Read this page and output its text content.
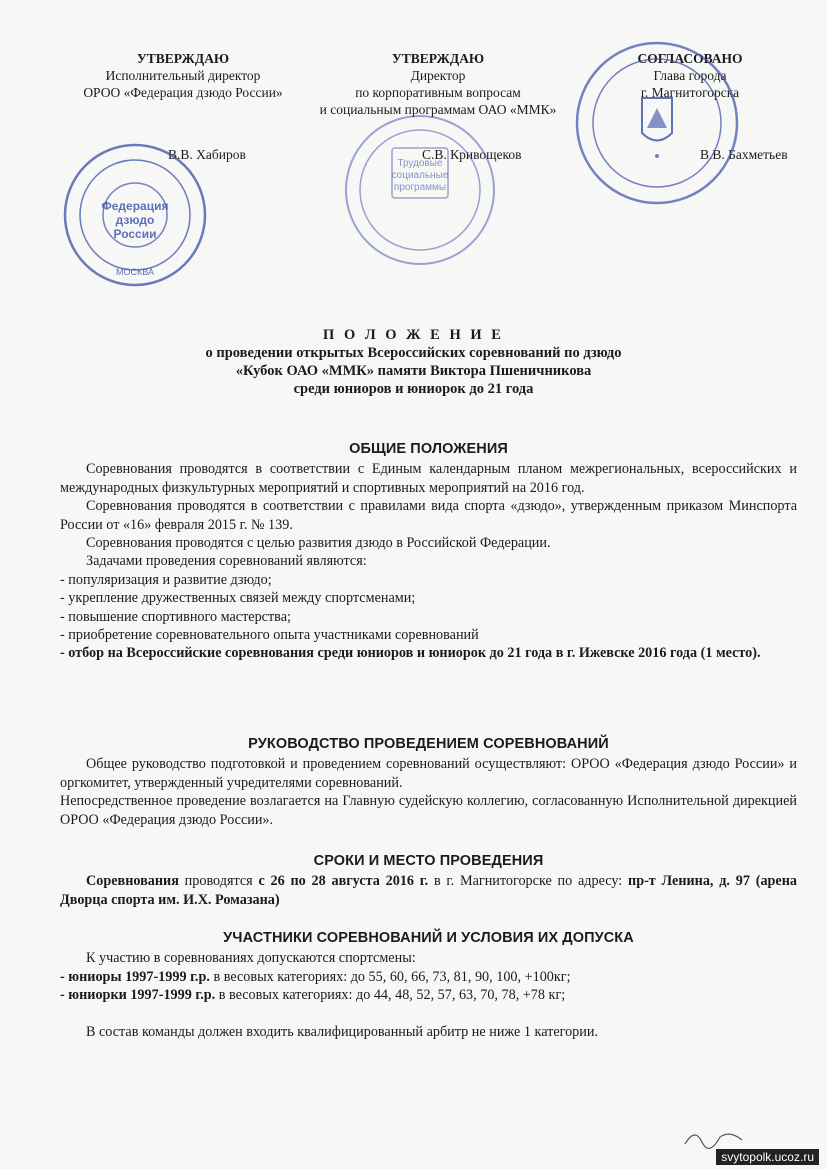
УТВЕРЖДАЮ
Исполнительный директор
ОРОО «Федерация дзюдо России»
В.В. Хабиров
УТВЕРЖДАЮ
Директор
по корпоративным вопросам
и социальным программам ОАО «ММК»
С.В. Кривощеков
СОГЛАСОВАНО
Глава города
г. Магнитогорска
В.В. Бахметьев
Федерация
дзюдо
России
МОСКВА
Трудовые
социальные
программы
П О Л О Ж Е Н И Е
о проведении открытых Всероссийских соревнований по дзюдо
«Кубок ОАО «ММК» памяти Виктора Пшеничникова
среди юниоров и юниорок до 21 года
ОБЩИЕ ПОЛОЖЕНИЯ

Соревнования проводятся в соответствии с Единым календарным планом межрегиональных, всероссийских и международных физкультурных мероприятий и спортивных мероприятий на 2016 год.

Соревнования проводятся в соответствии с правилами вида спорта «дзюдо», утвержденным приказом Минспорта России от «16» февраля 2015 г. № 139.

Соревнования проводятся с целью развития дзюдо в Российской Федерации.

Задачами проведения соревнований являются:

- популяризация и развитие дзюдо;

- укрепление дружественных связей между спортсменами;

- повышение спортивного мастерства;

- приобретение соревновательного опыта участниками соревнований

- отбор на Всероссийские соревнования среди юниоров и юниорок до 21 года в г. Ижевске 2016 года (1 место).

РУКОВОДСТВО ПРОВЕДЕНИЕМ СОРЕВНОВАНИЙ

Общее руководство подготовкой и проведением соревнований осуществляют: ОРОО «Федерация дзюдо России» и оргкомитет, утвержденный учредителями соревнований.

Непосредственное проведение возлагается на Главную судейскую коллегию, согласованную Исполнительной дирекцией ОРОО «Федерация дзюдо России».

СРОКИ И МЕСТО ПРОВЕДЕНИЯ

Соревнования проводятся с 26 по 28 августа 2016 г. в г. Магнитогорске по адресу: пр-т Ленина, д. 97 (арена Дворца спорта им. И.Х. Ромазана)

УЧАСТНИКИ СОРЕВНОВАНИЙ И УСЛОВИЯ ИХ ДОПУСКА

К участию в соревнованиях допускаются спортсмены:

- юниоры 1997-1999 г.р. в весовых категориях: до 55, 60, 66, 73, 81, 90, 100, +100кг;

- юниорки 1997-1999 г.р. в весовых категориях: до 44, 48, 52, 57, 63, 70, 78, +78 кг;

В состав команды должен входить квалифицированный арбитр не ниже 1 категории.

svytopolk.ucoz.ru
